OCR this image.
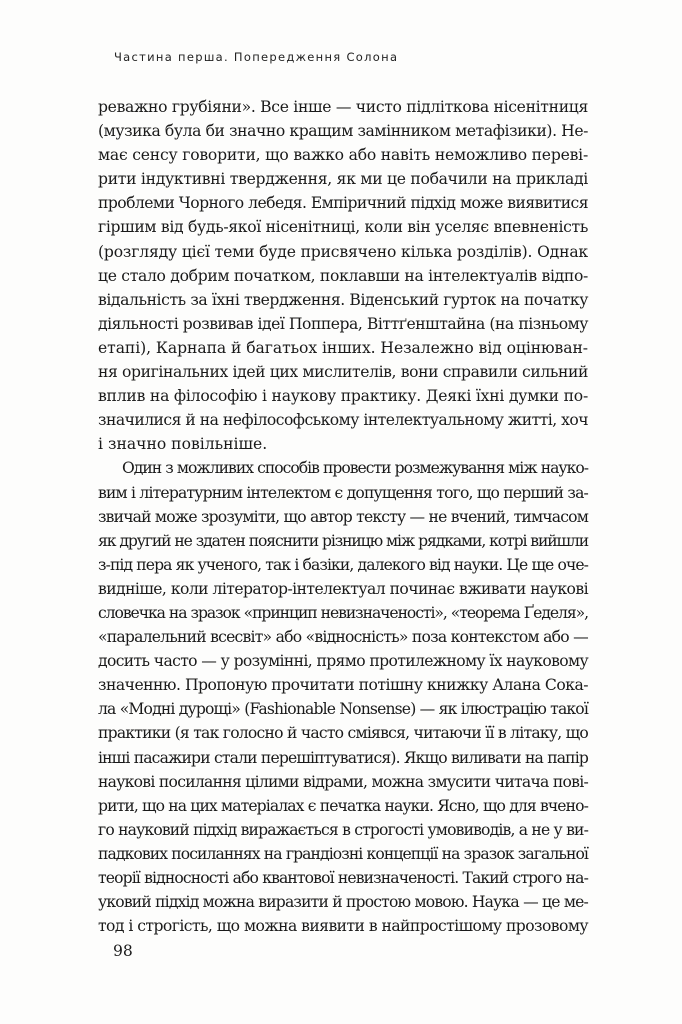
Частина перша. Попередження Солона
реважно грубіяни». Все інше — чисто підліткова нісенітниця
(музика була би значно кращим замінником метафізики). Не-
має сенсу говорити, що важко або навіть неможливо переві-
рити індуктивні твердження, як ми це побачили на прикладі
проблеми Чорного лебедя. Емпіричний підхід може виявитися
гіршим від будь-якої нісенітниці, коли він уселяє впевненість
(розгляду цієї теми буде присвячено кілька розділів). Однак
це стало добрим початком, поклавши на інтелектуалів відпо-
відальність за їхні твердження. Віденський гурток на початку
діяльності розвивав ідеї Поппера, Віттґенштайна (на пізньому
етапі), Карнапа й багатьох інших. Незалежно від оцінюван-
ня оригінальних ідей цих мислителів, вони справили сильний
вплив на філософію і наукову практику. Деякі їхні думки по-
значилися й на нефілософському інтелектуальному житті, хоч
і значно повільніше.
Один з можливих способів провести розмежування між науко-
вим і літературним інтелектом є допущення того, що перший за-
звичай може зрозуміти, що автор тексту — не вчений, тимчасом
як другий не здатен пояснити різницю між рядками, котрі вийшли
з-під пера як ученого, так і базіки, далекого від науки. Це ще оче-
видніше, коли літератор-інтелектуал починає вживати наукові
словечка на зразок «принцип невизначеності», «теорема Ґеделя»,
«паралельний всесвіт» або «відносність» поза контекстом або —
досить часто — у розумінні, прямо протилежному їх науковому
значенню. Пропоную прочитати потішну книжку Алана Сока-
ла «Модні дурощі» (Fashionable Nonsense) — як ілюстрацію такої
практики (я так голосно й часто сміявся, читаючи її в літаку, що
інші пасажири стали перешіптуватися). Якщо виливати на папір
наукові посилання цілими відрами, можна змусити читача пові-
рити, що на цих матеріалах є печатка науки. Ясно, що для вчено-
го науковий підхід виражається в строгості умовиводів, а не у ви-
падкових посиланнях на грандіозні концепції на зразок загальної
теорії відносності або квантової невизначеності. Такий строго на-
уковий підхід можна виразити й простою мовою. Наука — це ме-
тод і строгість, що можна виявити в найпростішому прозовому
98
